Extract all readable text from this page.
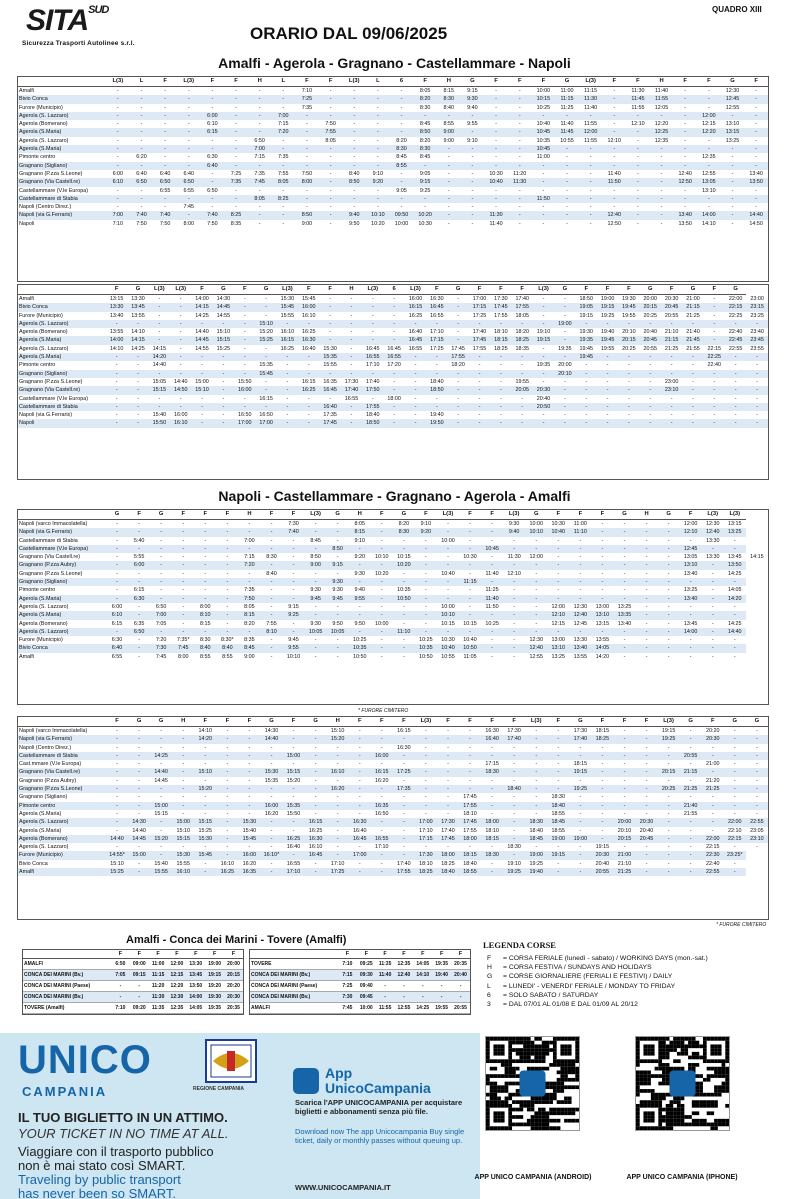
$SITA^{SUD}$
Sicurezza Trasporti Autolinee s.r.l.
ORARIO DAL 09/06/2025
QUADRO XIII
Amalfi - Agerola - Gragnano - Castellammare - Napoli
	L(3)	L	F	L(3)	F	F	H	L	F	F	L(3)	L	6	F	H	G	F	F	F	G	L(3)	F	F	H	F	F	G	F
Amalfi	-	-	-	-	-	-	-	-	7:10	-	-	-	-	8:05	8:15	9:15	-	-	10:00	11:00	11:15	-	11:30	11:40	-	-	12:30	-
Bivio Conca	-	-	-	-	-	-	-	-	7:25	-	-	-	-	8:20	8:30	9:30	-	-	10:15	11:15	11:30	-	11:45	11:55	-	-	12:45	-
Furore (Municipio)	-	-	-	-	-	-	-	-	7:35	-	-	-	-	8:30	8:40	9:40	-	-	10:25	11:25	11:40	-	11:55	12:05	-	-	12:55	-
Agerola (S. Lazzaro)	-	-	-	-	6:00	-	-	7:00	-	-	-	-	-	-	-	-	-	-	-	-	-	-	-	-	-	12:00	-	-
Agerola (Bomerano)	-	-	-	-	6:10	-	-	7:15	-	7:50	-	-	-	8:45	8:55	9:55	-	-	10:40	11:40	11:55	-	12:10	12:20	-	12:15	13:10	-
Agerola (S.Maria)	-	-	-	-	6:15	-	-	7:20	-	7:55	-	-	-	8:50	9:00	-	-	-	10:45	11:45	12:00	-	-	12:25	-	12:20	13:15	-
Agerola (S. Lazzaro)	-	-	-	-	-	-	6:50	-	-	8:05	-	-	8:20	8:20	9:00	9:10	-	-	10:35	10:55	11:55	12:10	-	12:35	-	-	13:25	-
Agerola (S.Maria)	-	-	-	-	-	-	7:00	-	-	-	-	-	8:30	8:30	-	-	-	-	10:45	-	-	-	-	-	-	-	-	-
Pimonte centro	-	6:20	-	-	6:30	-	7:15	7:35	-	-	-	-	8:45	8:45	-	-	-	-	11:00	-	-	-	-	-	-	12:35	-	-
Gragnano (Sigliano)	-	-	-	-	6:40	-	-	-	-	-	-	-	8:55	-	-	-	-	-	-	-	-	-	-	-	-	-	-	-
Gragnano (P.zza S.Leone)	6:00	6:40	6:40	6:40	-	7:25	7:35	7:55	7:50	-	8:40	9:10	-	9:05	-	-	10:30	11:20	-	-	-	11:40	-	-	12:40	12:55	-	13:40
Gragnano (Via Castell.re)	6:10	6:50	6:50	6:50	-	7:35	7:45	8:05	8:00	-	8:50	9:20	-	9:15	-	-	10:40	11:30	-	-	-	11:50	-	-	12:50	13:05	-	13:50
Castellammare (V.le Europa)	-	-	6:55	6:55	6:50	-	-	-	-	-	-	-	9:05	9:25	-	-	-	-	-	-	-	-	-	-	-	13:10	-	-
Castellammare di Stabia	-	-	-	-	-	-	8:05	8:25	-	-	-	-	-	-	-	-	-	-	11:50	-	-	-	-	-	-	-	-	-
Napoli (Centro Direz.)	-	-	-	7:45	-	-	-	-	-	-	-	-	-	-	-	-	-	-	-	-	-	-	-	-	-	-	-	-
Napoli (via G.Ferraris)	7:00	7:40	7:40	-	7:40	8:25	-	-	8:50	-	9:40	10:10	09:50	10:20	-	-	11:30	-	-	-	-	12:40	-	-	13:40	14:00	-	14:40
Napoli	7:10	7:50	7:50	8:00	7:50	8:35	-	-	9:00	-	9:50	10:20	10:00	10:30	-	-	11:40	-	-	-	-	12:50	-	-	13:50	14:10	-	14:50
	F	G	L(3)	L(3)	F	G	F	G	L(3)	F	F	H	L(3)	6	L(3)	F	G	F	F	F	L(3)	G	F	F	F	G	F	G	F	G	
Amalfi	13:15	13:30	-	-	14:00	14:30	-	-	15:30	15:45	-	-	-	-	16:00	16:30	-	17:00	17:30	17:40	-	-	18:50	19:00	19:30	20:00	20:30	21:00	-	22:00	23:00
Bivio Conca	13:30	13:45	-	-	14:15	14:45	-	-	15:45	16:00	-	-	-	-	16:15	16:45	-	17:15	17:45	17:55	-	-	19:05	19:15	19:45	20:15	20:45	21:15	-	22:15	23:15
Furore (Municipio)	13:40	13:55	-	-	14:25	14:55	-	-	15:55	16:10	-	-	-	-	16:25	16:55	-	17:25	17:55	18:05	-	-	19:15	19:25	19:55	20:25	20:55	21:25	-	22:25	23:25
Agerola (S. Lazzaro)	-	-	-	-	-	-	-	15:10	-	-	-	-	-	-	-	-	-	-	-	-	-	19:00	-	-	-	-	-	-	-	-	-
Agerola (Bomerano)	13:55	14:10	-	-	14:40	15:10	-	15:20	16:10	16:25	-	-	-	-	16:40	17:10	-	17:40	18:10	18:20	19:10	-	19:30	19:40	20:10	20:40	21:10	21:40	-	22:40	23:40
Agerola (S.Maria)	14:00	14:15	-	-	14:45	15:15	-	15:25	16:15	16:30	-	-	-	-	16:45	17:15	-	17:45	18:15	18:25	19:15	-	19:35	19:45	20:15	20:45	21:15	21:45	-	22:45	23:45
Agerola (S. Lazzaro)	14:10	14:25	14:15	-	14:55	15:25	-	-	16:25	16:40	15:30	-	16:45	16:45	16:55	17:25	17:45	17:55	18:25	18:35	-	19:35	19:45	19:55	20:25	20:55	21:25	21:55	22:15	22:55	23:55
Agerola (S.Maria)	-	-	14:20	-	-	-	-	-	-	-	15:35	-	16:55	16:55	-	-	17:55	-	-	-	-	-	19:45	-	-	-	-	-	22:25	-	-
Pimonte centro	-	-	14:40	-	-	-	-	15:35	-	-	15:55	-	17:10	17:20	-	-	18:20	-	-	-	19:35	20:00	-	-	-	-	-	-	22:40	-	-
Gragnano (Sigliano)	-	-	-	-	-	-	-	15:45	-	-	-	-	-	-	-	-	-	-	-	-	-	20:10	-	-	-	-	-	-	-	-	-
Gragnano (P.zza S.Leone)	-	-	15:05	14:40	15:00	-	15:50	-	-	16:15	16:35	17:30	17:40	-	-	18:40	-	-	-	19:55	-	-	-	-	-	-	23:00	-	-	-	-
Gragnano (Via Castell.re)	-	-	15:15	14:50	15:10	-	16:00	-	-	16:25	16:45	17:40	17:50	-	-	18:50	-	-	-	20:05	20:30	-	-	-	-	-	23:10	-	-	-	-
Castellammare (V.le Europa)	-	-	-	-	-	-	-	16:15	-	-	-	16:55	-	18:00	-	-	-	-	-	-	20:40	-	-	-	-	-	-	-	-	-	-
Castellammare di Stabia	-	-	-	-	-	-	-	-	-	-	16:40	-	17:55	-	-	-	-	-	-	-	20:50	-	-	-	-	-	-	-	-	-	-
Napoli (via G.Ferraris)	-	-	15:40	16:00	-	-	16:50	16:50	-	-	17:35	-	18:40	-	-	19:40	-	-	-	-	-	-	-	-	-	-	-	-	-	-	-
Napoli	-	-	15:50	16:10	-	-	17:00	17:00	-	-	17:45	-	18:50	-	-	19:50	-	-	-	-	-	-	-	-	-	-	-	-	-	-	-
Napoli - Castellammare - Gragnano - Agerola - Amalfi
	G	F	G	F	F	F	H	F	F	L(3)	G	H	F	G	F	L(3)	F	F	L(3)	G	F	F	F	G	H	G	F	L(3)	L(3)	
Napoli (varco Immacolatella)	-	-	-	-	-	-	-	-	7:30	-	-	8:05	-	8:20	9:10	-	-	-	9:30	10:00	10:30	11:00	-	-	-	-	12:00	12:30	13:15	
Napoli (via G.Ferraris)	-	-	-	-	-	-	-	-	7:40	-	-	8:15	-	8:30	9:20	-	-	-	9:40	10:10	10:40	11:10	-	-	-	-	12:10	12:40	13:25	
Castellammare di Stabia	-	5:40	-	-	-	-	7:00	-	-	8:45	-	9:10	-	-	-	10:00	-	-	-	-	-	-	-	-	-	-	-	13:30	-	
Castellammare (V.le Europa)	-	-	-	-	-	-	-	-	-	-	8:50	-	-	-	-	-	-	10:45	-	-	-	-	-	-	-	-	12:45	-	-	
Gragnano (Via Castell.re)	-	5:55	-	-	-	-	7:15	8:30	-	8:50	-	9:20	10:10	10:15	-	-	10:30	-	11:30	12:00	-	-	-	-	-	-	13:05	13:30	13:45	14:15
Gragnano (P.zza Aubry)	-	6:00	-	-	-	-	7:20	-	-	9:00	9:15	-	-	10:20	-	-	-	-	-	-	-	-	-	-	-	-	13:10	-	13:50	
Gragnano (P.zza S.Leone)	-	-	-	-	-	-	-	8:40	-	-	-	9:30	10:20	-	-	10:40	-	11:40	12:10	-	-	-	-	-	-	-	13:40	-	14:25	
Gragnano (Sigliano)	-	-	-	-	-	-	-	-	-	-	9:30	-	-	-	-	-	11:15	-	-	-	-	-	-	-	-	-	-	-	-	
Pimonte centro	-	6:15	-	-	-	-	7:35	-	-	9:30	9:30	9:40	-	10:35	-	-	-	11:25	-	-	-	-	-	-	-	-	13:25	-	14:05	
Agerola (S.Maria)	-	6:30	-	-	-	-	7:50	-	-	9:45	9:45	9:55	-	10:50	-	-	-	11:40	-	-	-	-	-	-	-	-	13:40	-	14:20	
Agerola (S. Lazzaro)	6:00	-	6:50	-	8:00	-	8:05	-	9:15	-	-	-	-	-	-	10:00	-	11:50	-	-	12:00	12:30	13:00	13:25	-	-	-	-	-	
Agerola (S.Maria)	6:10	-	7:00	-	8:10	-	8:15	-	9:25	-	-	-	-	-	-	10:10	-	-	-	-	12:10	12:40	13:10	13:35	-	-	-	-	-	
Agerola (Bomerano)	6:15	6:35	7:05	-	8:15	-	8:20	7:55	-	9:30	9:50	9:50	10:00	-	-	10:15	10:15	10:25	-	-	12:15	12:45	13:15	13:40	-	-	13:45	-	14:25	
Agerola (S. Lazzaro)	-	6:50	-	-	-	-	-	8:10	-	10:05	10:05	-	-	11:10	-	-	-	-	-	-	-	-	-	-	-	-	14:00	-	14:40	
Furore (Municipio)	6:30	-	7:20	7:35*	8:30	8:30*	8:35	-	9:45	-	-	10:25	-	-	10:25	10:30	10:40	-	-	12:30	13:00	13:30	13:55	-	-	-	-	-	-	
Bivio Conca	6:40	-	7:30	7:45	8:40	8:40	8:45	-	9:55	-	-	10:35	-	-	10:35	10:40	10:50	-	-	12:40	13:10	13:40	14:05	-	-	-	-	-	-	
Amalfi	6:55	-	7:45	8:00	8:55	8:55	9:00	-	10:10	-	-	10:50	-	-	10:50	10:55	11:05	-	-	12:55	13:25	13:55	14:20	-	-	-	-	-	-	
* FURORE CIMITERO
	F	G	G	H	F	F	F	G	F	G	H	F	F	F	L(3)	F	F	F	F	L(3)	F	G	F	F	F	L(3)	G	F	G	G
Napoli (varco Immacolatella)	-	-	-	-	14:10	-	-	14:30	-	-	15:10	-	-	16:15	-	-	-	16:30	17:30	-	-	17:30	18:15	-	-	19:15	-	20:20	-	-
Napoli (via G.Ferraris)	-	-	-	-	14:20	-	-	14:40	-	-	15:20	-	-	-	-	-	-	16:40	17:40	-	-	17:40	18:25	-	-	19:25	-	20:30	-	-
Napoli (Centro Direz.)	-	-	-	-	-	-	-	-	-	-	-	-	-	16:30	-	-	-	-	-	-	-	-	-	-	-	-	-	-	-	-
Castellammare di Stabia	-	-	14:25	-	-	-	-	-	15:00	-	-	-	16:00	-	-	-	-	-	-	-	-	-	-	-	-	-	20:55	-	-	-
Cast.mmare (V.le Europa)	-	-	-	-	-	-	-	-	-	-	-	-	-	-	-	-	-	17:15	-	-	-	18:15	-	-	-	-	-	21:00	-	-
Gragnano (Via Castell.re)	-	-	14:40	-	15:10	-	-	15:30	15:15	-	16:10	-	16:15	17:25	-	-	-	18:30	-	-	-	19:15	-	-	-	20:15	21:15	-	-	-
Gragnano (P.zza Aubry)	-	-	14:45	-	-	-	-	15:35	15:20	-	-	-	16:20	-	-	-	-	-	-	-	-	-	-	-	-	-	-	21:20	-	-
Gragnano (P.zza S.Leone)	-	-	-	-	15:20	-	-	-	-	-	16:20	-	-	17:35	-	-	-	-	18:40	-	-	19:25	-	-	-	20:25	21:25	21:25	-	-
Gragnano (Sigliano)	-	-	-	-	-	-	-	-	-	-	-	-	-	-	-	-	17:45	-	-	-	18:30	-	-	-	-	-	-	-	-	-
Pimonte centro	-	-	15:00	-	-	-	-	16:00	15:35	-	-	-	16:35	-	-	-	17:55	-	-	-	18:40	-	-	-	-	-	21:40	-	-	-
Agerola (S.Maria)	-	-	15:15	-	-	-	-	16:20	15:50	-	-	-	16:50	-	-	-	18:10	-	-	-	18:55	-	-	-	-	-	21:55	-	-	-
Agerola (S. Lazzaro)	-	14:30	-	15:00	15:15	-	15:30	-	-	16:15	-	16:30	-	-	17:00	17:30	17:45	18:00	-	18:30	18:45	-	-	20:00	20:30	-	-	-	22:00	22:55
Agerola (S.Maria)	-	14:40	-	15:10	15:25	-	15:40	-	-	16:25	-	16:40	-	-	17:10	17:40	17:55	18:10	-	18:40	18:55	-	-	20:10	20:40	-	-	-	22:10	23:05
Agerola (Bomerano)	14:40	14:45	15:20	15:15	15:30	-	15:45	-	16:25	16:30	-	16:45	16:55	-	17:15	17:45	18:00	18:15	-	18:45	19:00	19:00	-	20:15	20:45	-	-	22:00	22:15	23:10
Agerola (S. Lazzaro)	-	-	-	-	-	-	-	-	16:40	16:10	-	-	17:10	-	-	-	-	-	18:30	-	-	-	19:15	-	-	-	-	22:15	-	-
Furore (Municipio)	14:55*	15:00	-	15:30	15:45	-	16:00	16:10*	-	16:45	-	17:00	-	-	17:30	18:00	18:15	18:30	-	19:00	19:15	-	20:30	21:00	-	-	-	22:30	23:25*	
Bivio Conca	15:10	-	15:40	15:55	-	16:10	16:20	-	16:55	-	17:10	-	-	17:40	18:10	18:25	18:40	-	19:10	19:25	-	-	20:40	21:10	-	-	-	22:40	-	
Amalfi	15:25	-	15:55	16:10	-	16:25	16:35	-	17:10	-	17:25	-	-	17:55	18:25	18:40	18:55	-	19:25	19:40	-	-	20:55	21:25	-	-	-	22:55	-	
* FURORE CIMITERO
Amalfi - Conca dei Marini - Tovere (Amalfi)
	F	F	F	F	F	F	F
AMALFI	6:50	09:00	11:00	12:00	13:30	19:00	20:00
CONCA DEI MARINI (Bv.)	7:05	09:15	11:15	12:15	13:45	19:15	20:15
CONCA DEI MARINI (Paese)	-	-	11:20	12:20	13:50	19:20	20:20
CONCA DEI MARINI (Bv.)	-	-	11:30	12:30	14:00	19:30	20:30
TOVERE (Amalfi)	7:10	09:20	11:35	12:35	14:05	19:35	20:35
	F	F	F	F	F	F	F
TOVERE	7:10	09:25	11:35	12:35	14:05	19:35	20:35
CONCA DEI MARINI (Bv.)	7:15	09:30	11:40	12:40	14:10	19:40	20:40
CONCA DEI MARINI (Paese)	7:25	09:40	-	-	-	-	-
CONCA DEI MARINI (Bv.)	7:30	09:45	-	-	-	-	-
AMALFI	7:45	10:00	11:55	12:55	14:25	19:55	20:55
LEGENDA CORSE
F = CORSA FERIALE (lunedì - sabato) / WORKING DAYS (mon.-sat.)
H = CORSA FESTIVA / SUNDAYS AND HOLIDAYS
G = CORSE GIORNALIERE (FERIALI E FESTIVI) / DAILY
L = LUNEDI' - VENERDI' FERIALE / MONDAY TO FRIDAY
6 = SOLO SABATO / SATURDAY
3 = DAL 07/01 AL 01/08 E DAL 01/09 AL 20/12
UNICO
CAMPANIA	REGIONE CAMPANIA
IL TUO BIGLIETTO IN UN ATTIMO.
YOUR TICKET IN NO TIME AT ALL.
Viaggiare con il trasporto pubblico
non è mai stato così SMART.
Traveling by public transport
has never been so SMART.
App
UnicoCampania
Scarica l'APP UNICOCAMPANIA per acquistare biglietti e abbonamenti senza più file.
Download now The app Unicocampania Buy single ticket, daily or monthly passes without queuing up.
WWW.UNICOCAMPANIA.IT
APP UNICO CAMPANIA (ANDROID)	APP UNICO CAMPANIA (IPHONE)
